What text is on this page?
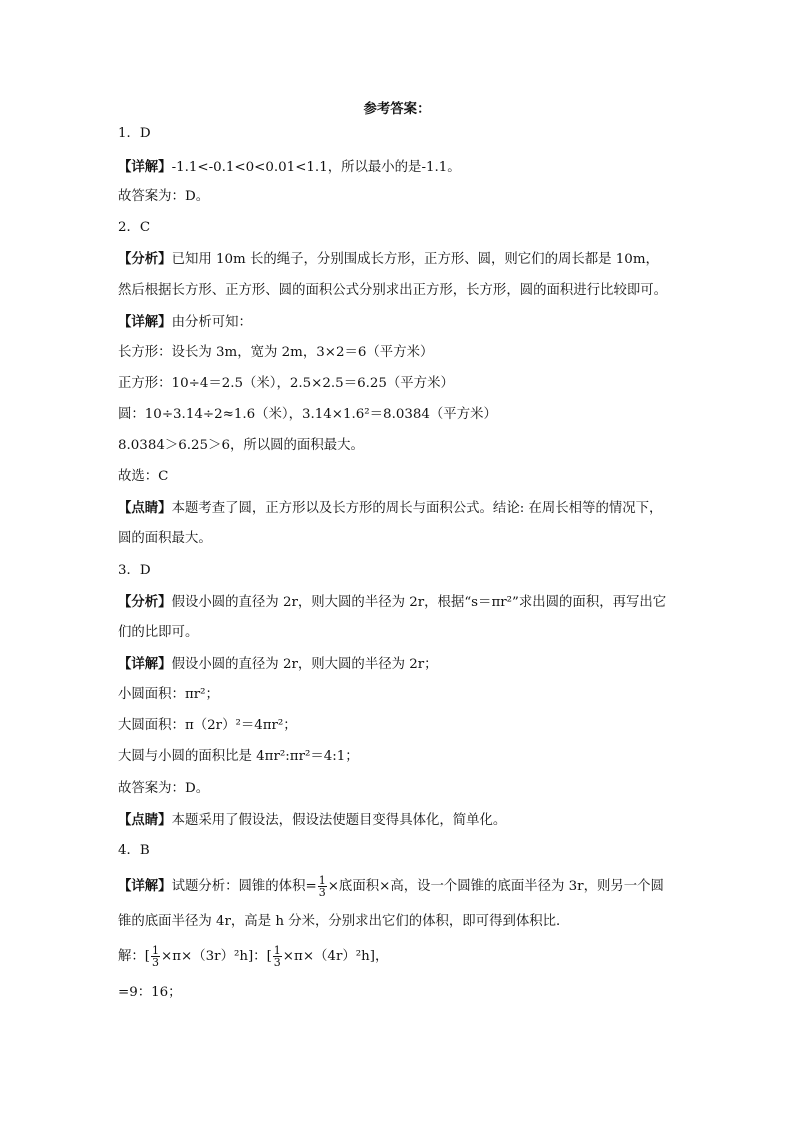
参考答案：
1．D
【详解】-1.1<-0.1<0<0.01<1.1，所以最小的是-1.1。
故答案为：D。
2．C
【分析】已知用 10m 长的绳子，分别围成长方形，正方形、圆，则它们的周长都是 10m，
然后根据长方形、正方形、圆的面积公式分别求出正方形，长方形，圆的面积进行比较即可。
【详解】由分析可知：
长方形：设长为 3m，宽为 2m，3×2＝6（平方米）
正方形：10÷4＝2.5（米），2.5×2.5＝6.25（平方米）
圆：10÷3.14÷2≈1.6（米），3.14×1.6²＝8.0384（平方米）
8.0384＞6.25＞6，所以圆的面积最大。
故选：C
【点睛】本题考查了圆，正方形以及长方形的周长与面积公式。结论: 在周长相等的情况下，
圆的面积最大。
3．D
【分析】假设小圆的直径为 2r，则大圆的半径为 2r，根据“s＝πr²”求出圆的面积，再写出它
们的比即可。
【详解】假设小圆的直径为 2r，则大圆的半径为 2r；
小圆面积：πr²；
大圆面积：π（2r）²＝4πr²；
大圆与小圆的面积比是 4πr²:πr²＝4:1；
故答案为：D。
【点睛】本题采用了假设法，假设法使题目变得具体化，简单化。
4．B
【详解】试题分析：圆锥的体积= $\frac{1}{3}$ ×底面积×高，设一个圆锥的底面半径为 3r，则另一个圆
锥的底面半径为 4r，高是 h 分米，分别求出它们的体积，即可得到体积比．
解：[ $\frac{1}{3} \times\pi\times(3r)^2h$]：[ $\frac{1}{3} \times\pi\times(4r)^2h$]，
=9：16；
